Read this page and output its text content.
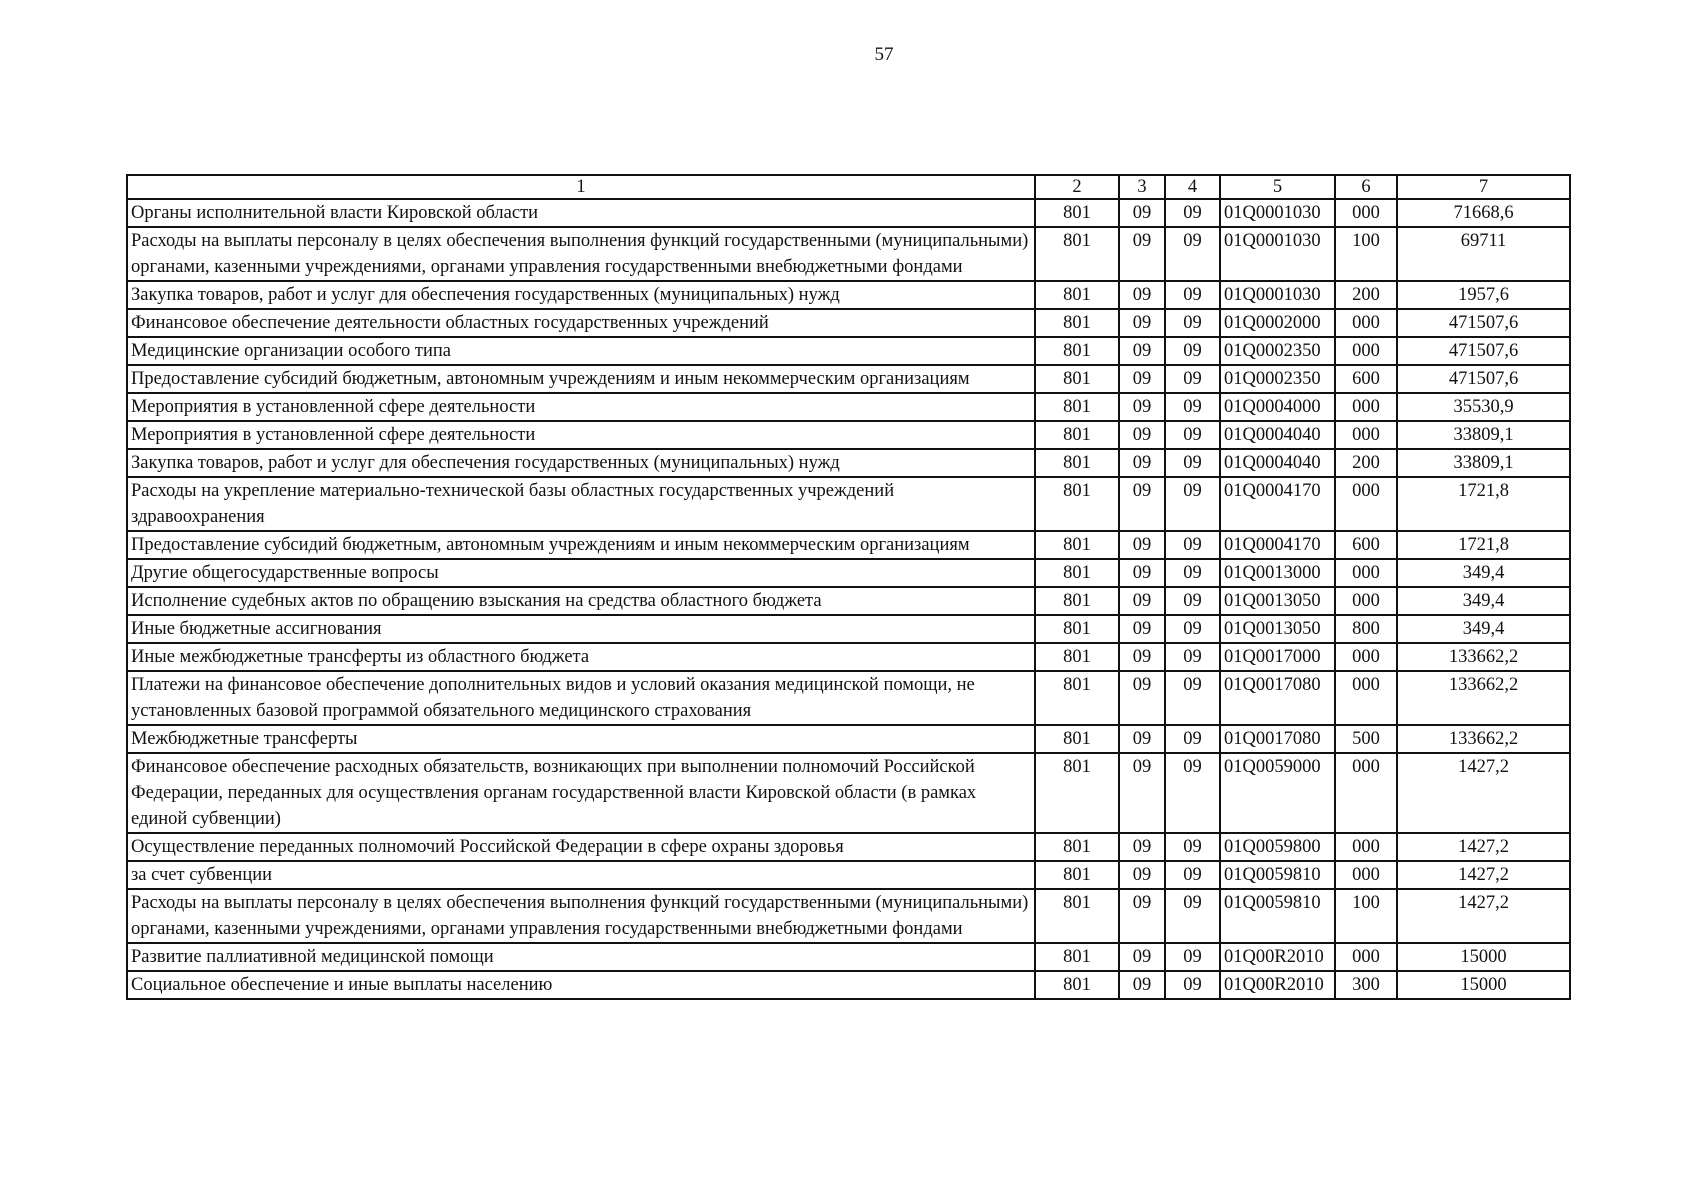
57
1	2	3	4	5	6	7
Органы исполнительной власти Кировской области	801	09	09	01Q0001030	000	71668,6
Расходы на выплаты персоналу в целях обеспечения выполнения функций государственными (муниципальными) органами, казенными учреждениями, органами управления государственными внебюджетными фондами	801	09	09	01Q0001030	100	69711
Закупка товаров, работ и услуг для обеспечения государственных (муниципальных) нужд	801	09	09	01Q0001030	200	1957,6
Финансовое обеспечение деятельности областных государственных учреждений	801	09	09	01Q0002000	000	471507,6
Медицинские организации особого типа	801	09	09	01Q0002350	000	471507,6
Предоставление субсидий бюджетным, автономным учреждениям и иным некоммерческим организациям	801	09	09	01Q0002350	600	471507,6
Мероприятия в установленной сфере деятельности	801	09	09	01Q0004000	000	35530,9
Мероприятия в установленной сфере деятельности	801	09	09	01Q0004040	000	33809,1
Закупка товаров, работ и услуг для обеспечения государственных (муниципальных) нужд	801	09	09	01Q0004040	200	33809,1
Расходы на укрепление материально-технической базы областных государственных учреждений здравоохранения	801	09	09	01Q0004170	000	1721,8
Предоставление субсидий бюджетным, автономным учреждениям и иным некоммерческим организациям	801	09	09	01Q0004170	600	1721,8
Другие общегосударственные вопросы	801	09	09	01Q0013000	000	349,4
Исполнение судебных актов по обращению взыскания на средства областного бюджета	801	09	09	01Q0013050	000	349,4
Иные бюджетные ассигнования	801	09	09	01Q0013050	800	349,4
Иные межбюджетные трансферты из областного бюджета	801	09	09	01Q0017000	000	133662,2
Платежи на финансовое обеспечение дополнительных видов и условий оказания медицинской помощи, не установленных базовой программой обязательного медицинского страхования	801	09	09	01Q0017080	000	133662,2
Межбюджетные трансферты	801	09	09	01Q0017080	500	133662,2
Финансовое обеспечение расходных обязательств, возникающих при выполнении полномочий Российской Федерации, переданных для осуществления органам государственной власти Кировской области (в рамках единой субвенции)	801	09	09	01Q0059000	000	1427,2
Осуществление переданных полномочий Российской Федерации в сфере охраны здоровья	801	09	09	01Q0059800	000	1427,2
за счет субвенции	801	09	09	01Q0059810	000	1427,2
Расходы на выплаты персоналу в целях обеспечения выполнения функций государственными (муниципальными) органами, казенными учреждениями, органами управления государственными внебюджетными фондами	801	09	09	01Q0059810	100	1427,2
Развитие паллиативной медицинской помощи	801	09	09	01Q00R2010	000	15000
Социальное обеспечение и иные выплаты населению	801	09	09	01Q00R2010	300	15000
